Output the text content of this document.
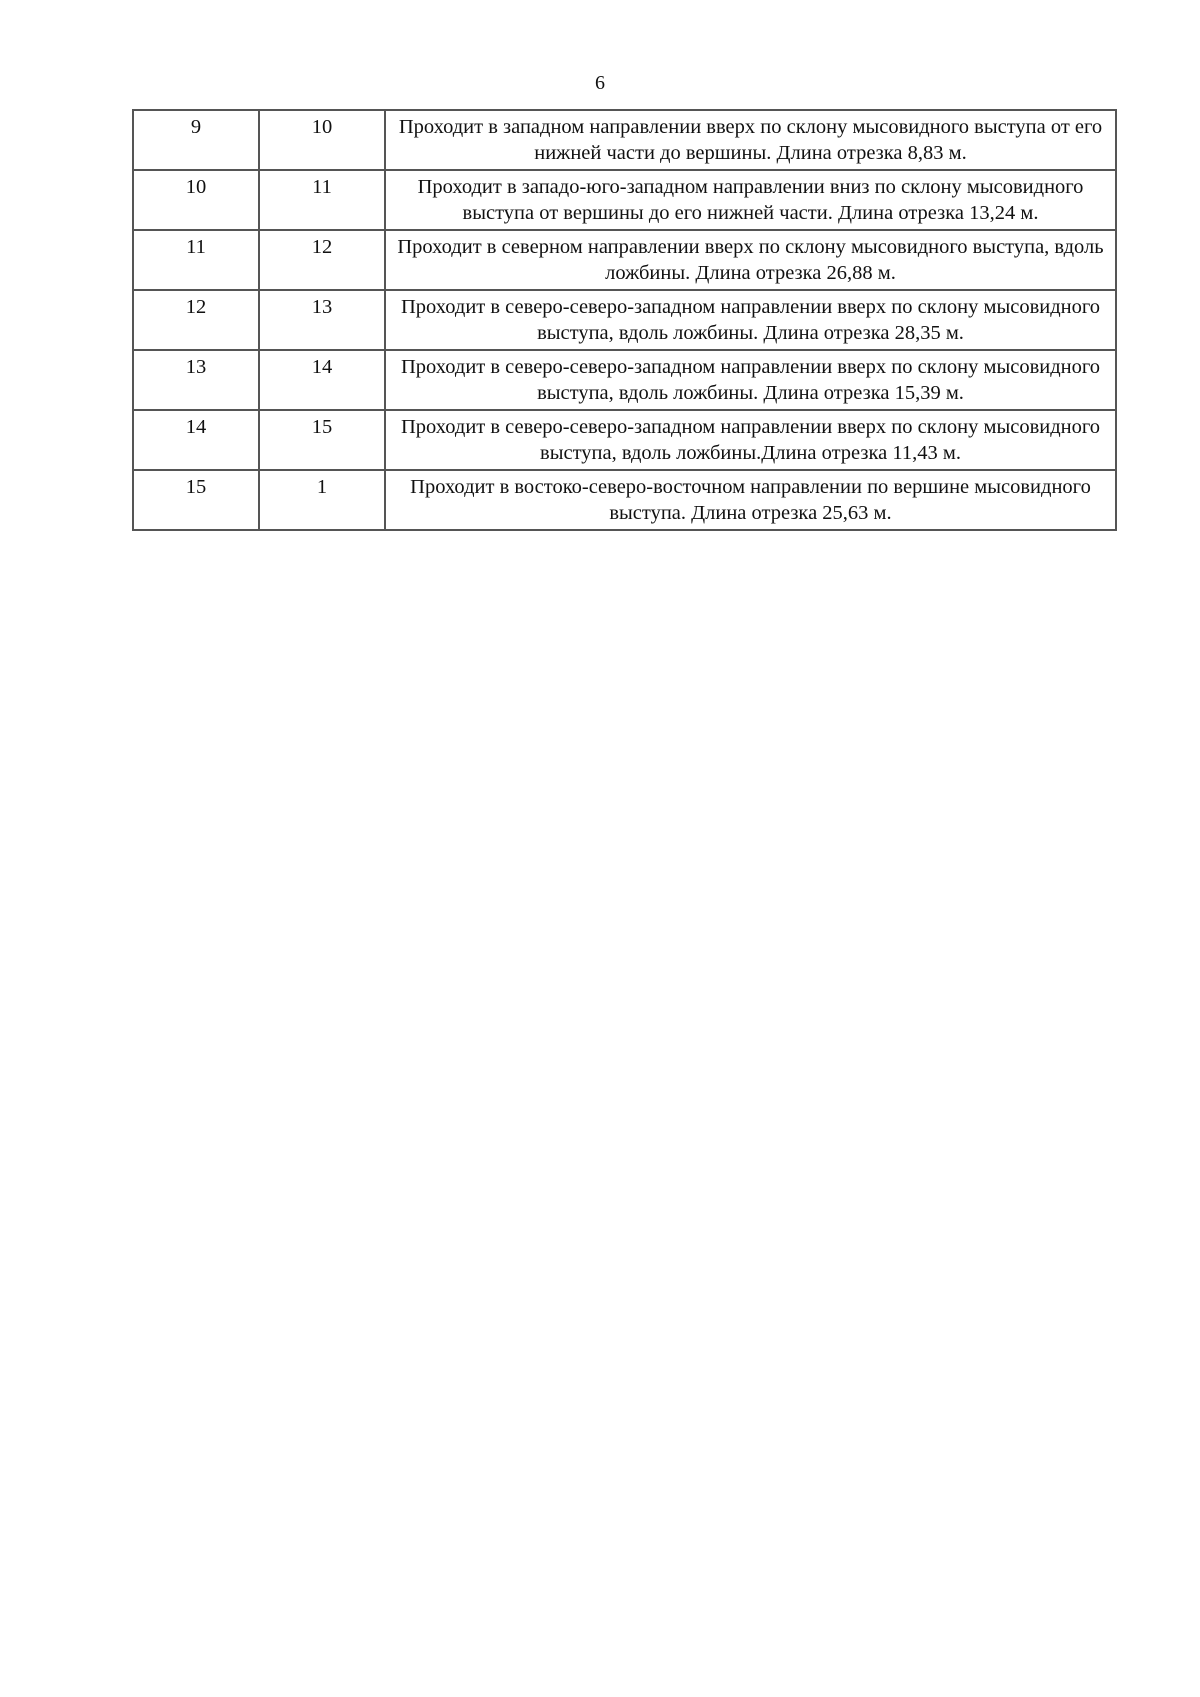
6
9	10	Проходит в западном направлении вверх по склону мысовидного выступа от его нижней части до вершины. Длина отрезка 8,83 м.
10	11	Проходит в западо-юго-западном направлении вниз по склону мысовидного выступа от вершины до его нижней части. Длина отрезка 13,24 м.
11	12	Проходит в северном направлении вверх по склону мысовидного выступа, вдоль ложбины. Длина отрезка 26,88 м.
12	13	Проходит в северо-северо-западном направлении вверх по склону мысовидного выступа, вдоль ложбины. Длина отрезка 28,35 м.
13	14	Проходит в северо-северо-западном направлении вверх по склону мысовидного выступа, вдоль ложбины. Длина отрезка 15,39 м.
14	15	Проходит в северо-северо-западном направлении вверх по склону мысовидного выступа, вдоль ложбины.Длина отрезка 11,43 м.
15	1	Проходит в востоко-северо-восточном направлении по вершине мысовидного выступа. Длина отрезка 25,63 м.
